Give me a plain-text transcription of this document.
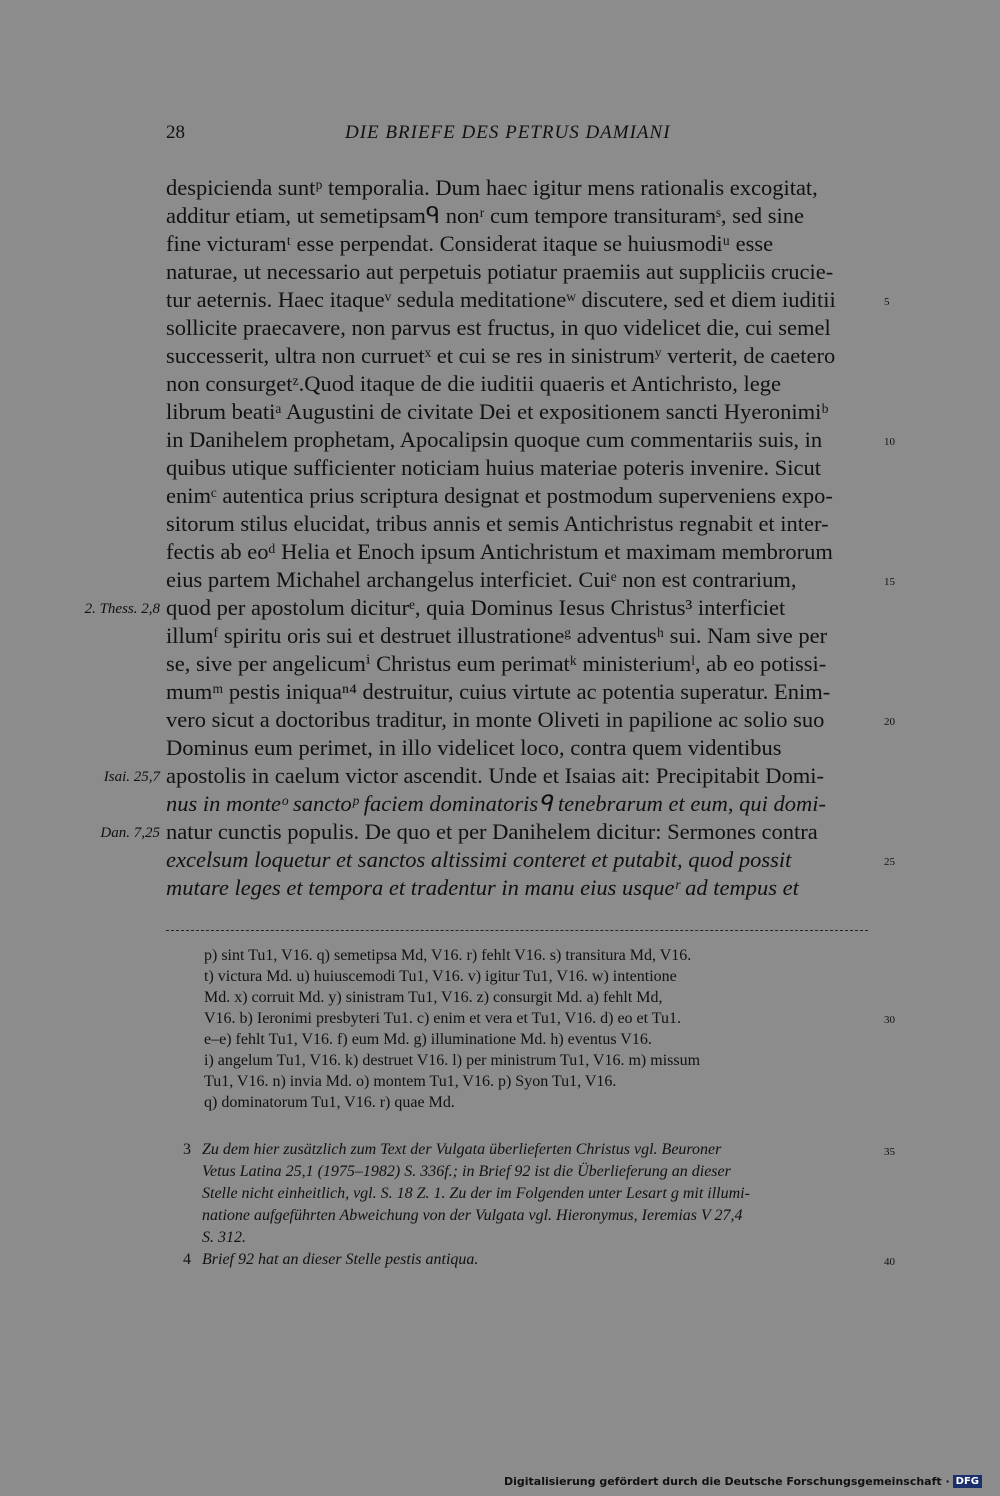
28	DIE BRIEFE DES PETRUS DAMIANI
despicienda suntᵖ temporalia. Dum haec igitur mens rationalis excogitat,
additur etiam, ut semetipsamᑫ nonʳ cum tempore transituramˢ, sed sine
fine victuramᵗ esse perpendat. Considerat itaque se huiusmodiᵘ esse
naturae, ut necessario aut perpetuis potiatur praemiis aut suppliciis crucie-
tur aeternis. Haec itaqueᵛ sedula meditationeʷ discutere, sed et diem iuditii
sollicite praecavere, non parvus est fructus, in quo videlicet die, cui semel
successerit, ultra non curruetˣ et cui se res in sinistrumʸ verterit, de caetero
non consurgetᶻ.Quod itaque de die iuditii quaeris et Antichristo, lege
librum beatiᵃ Augustini de civitate Dei et expositionem sancti Hyeronimiᵇ
in Danihelem prophetam, Apocalipsin quoque cum commentariis suis, in
quibus utique sufficienter noticiam huius materiae poteris invenire. Sicut
enimᶜ autentica prius scriptura designat et postmodum superveniens expo-
sitorum stilus elucidat, tribus annis et semis Antichristus regnabit et inter-
fectis ab eoᵈ Helia et Enoch ipsum Antichristum et maximam membrorum
eius partem Michahel archangelus interficiet. Cuiᵉ non est contrarium,
quod per apostolum diciturᵉ, quia Dominus Iesus Christus³ interficiet
illumᶠ spiritu oris sui et destruet illustrationeᵍ adventusʰ sui. Nam sive per
se, sive per angelicumⁱ Christus eum perimatᵏ ministeriumˡ, ab eo potissi-
mumᵐ pestis iniquaⁿ⁴ destruitur, cuius virtute ac potentia superatur. Enim-
vero sicut a doctoribus traditur, in monte Oliveti in papilione ac solio suo
Dominus eum perimet, in illo videlicet loco, contra quem videntibus
apostolis in caelum victor ascendit. Unde et Isaias ait: Precipitabit Domi-
nus in monteᵒ sanctoᵖ faciem dominatorisᑫ tenebrarum et eum, qui domi-
natur cunctis populis. De quo et per Danihelem dicitur: Sermones contra
excelsum loquetur et sanctos altissimi conteret et putabit, quod possit
mutare leges et tempora et tradentur in manu eius usqueʳ ad tempus et
5
10
15
20
25
2. Thess. 2,8
Isai. 25,7
Dan. 7,25
p) sint Tu1, V16. q) semetipsa Md, V16. r) fehlt V16. s) transitura Md, V16.
t) victura Md. u) huiuscemodi Tu1, V16. v) igitur Tu1, V16. w) intentione
Md. x) corruit Md. y) sinistram Tu1, V16. z) consurgit Md. a) fehlt Md,
V16. b) Ieronimi presbyteri Tu1. c) enim et vera et Tu1, V16. d) eo et Tu1.
e–e) fehlt Tu1, V16. f) eum Md. g) illuminatione Md. h) eventus V16.
i) angelum Tu1, V16. k) destruet V16. l) per ministrum Tu1, V16. m) missum
Tu1, V16. n) invia Md. o) montem Tu1, V16. p) Syon Tu1, V16.
q) dominatorum Tu1, V16. r) quae Md.
30
3 Zu dem hier zusätzlich zum Text der Vulgata überlieferten Christus vgl. Beuroner
Vetus Latina 25,1 (1975–1982) S. 336f.; in Brief 92 ist die Überlieferung an dieser
Stelle nicht einheitlich, vgl. S. 18 Z. 1. Zu der im Folgenden unter Lesart g mit illumi-
natione aufgeführten Abweichung von der Vulgata vgl. Hieronymus, Ieremias V 27,4
S. 312.
4 Brief 92 hat an dieser Stelle pestis antiqua.
35
40
Digitalisierung gefördert durch die Deutsche Forschungsgemeinschaft · DFG
